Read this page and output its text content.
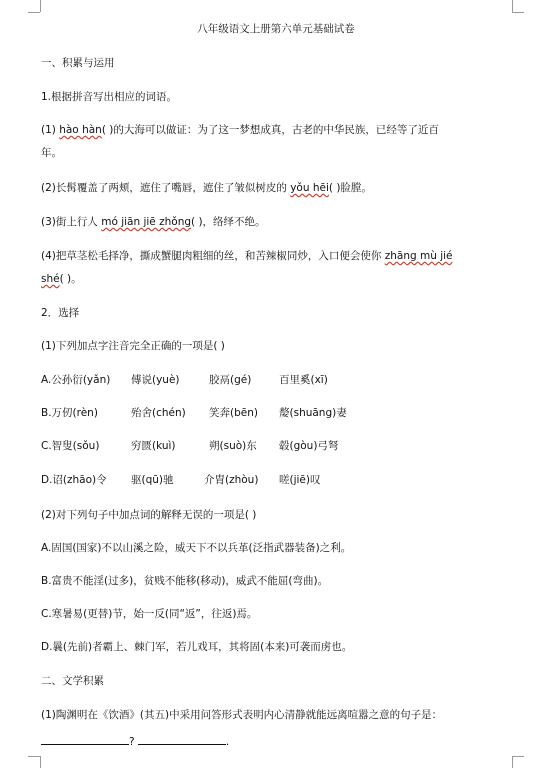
八年级语文上册第六单元基础试卷
一、积累与运用
1.根据拼音写出相应的词语。
(1) hào hàn( )的大海可以做证：为了这一梦想成真，古老的中华民族，已经等了近百
年。
(2)长髯覆盖了两颊，遮住了嘴唇，遮住了皱似树皮的 yǒu hēi( )脸膛。
(3)街上行人 mó jiān jiē zhǒng( )，络绎不绝。
(4)把草茎松毛择净，撕成蟹腿肉粗细的丝，和苦辣椒同炒，入口便会使你 zhāng mù jié
shé( )。
2．选择
(1)下列加点字注音完全正确的一项是( )
A.公孙衍(yǎn) 傅说(yuè)	胶鬲(gé)	百里奚(xī)
B.万仞(rèn)	殆舍(chén) 笑奔(bēn) 嫠(shuāng)妻
C.智叟(sǒu)	穷匮(kuì)	朔(suò)东 毂(gòu)弓弩
D.诏(zhāo)令 驱(qū)驰	介胄(zhòu) 嗟(jiē)叹
(2)对下列句子中加点词的解释无误的一项是( )
A.固国(国家)不以山溪之险，威天下不以兵革(泛指武器装备)之利。
B.富贵不能淫(过多)，贫贱不能移(移动)，威武不能屈(弯曲)。
C.寒暑易(更替)节，始一反(同“返”，往返)焉。
D.曩(先前)者霸上、棘门军，若儿戏耳，其将固(本来)可袭而虏也。
二、文学积累
(1)陶渊明在《饮酒》(其五)中采用问答形式表明内心清静就能远离喧嚣之意的句子是：
?	.
